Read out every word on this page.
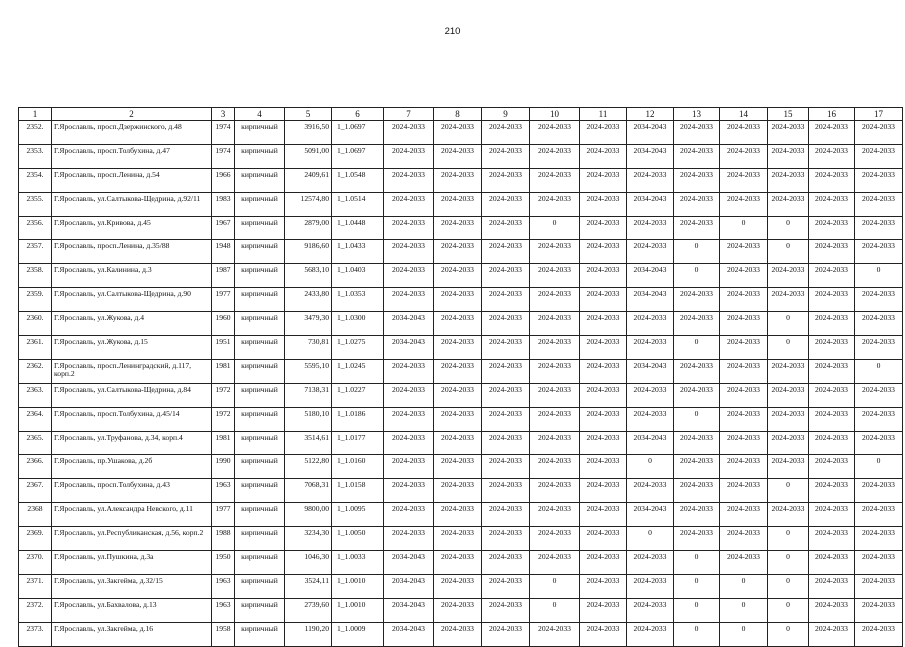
210
1	2	3	4	5	6	7	8	9	10	11	12	13	14	15	16	17
2352.	Г.Ярославль, просп.Дзержинского, д.48	1974	кирпичный	3916,50	1_1.0697	2024-2033	2024-2033	2024-2033	2024-2033	2024-2033	2034-2043	2024-2033	2024-2033	2024-2033	2024-2033	2024-2033
2353.	Г.Ярославль, просп.Толбухина, д.47	1974	кирпичный	5091,00	1_1.0697	2024-2033	2024-2033	2024-2033	2024-2033	2024-2033	2034-2043	2024-2033	2024-2033	2024-2033	2024-2033	2024-2033
2354.	Г.Ярославль, просп.Ленина, д.54	1966	кирпичный	2409,61	1_1.0548	2024-2033	2024-2033	2024-2033	2024-2033	2024-2033	2024-2033	2024-2033	2024-2033	2024-2033	2024-2033	2024-2033
2355.	Г.Ярославль, ул.Салтыкова-Щедрина, д.92/11	1983	кирпичный	12574,80	1_1.0514	2024-2033	2024-2033	2024-2033	2024-2033	2024-2033	2034-2043	2024-2033	2024-2033	2024-2033	2024-2033	2024-2033
2356.	Г.Ярославль, ул.Кривова, д.45	1967	кирпичный	2879,00	1_1.0448	2024-2033	2024-2033	2024-2033	0	2024-2033	2024-2033	2024-2033	0	0	2024-2033	2024-2033
2357.	Г.Ярославль, просп.Ленина, д.35/88	1948	кирпичный	9186,60	1_1.0433	2024-2033	2024-2033	2024-2033	2024-2033	2024-2033	2024-2033	0	2024-2033	0	2024-2033	2024-2033
2358.	Г.Ярославль, ул.Калинина, д.3	1987	кирпичный	5683,10	1_1.0403	2024-2033	2024-2033	2024-2033	2024-2033	2024-2033	2034-2043	0	2024-2033	2024-2033	2024-2033	0
2359.	Г.Ярославль, ул.Салтыкова-Щедрина, д.90	1977	кирпичный	2433,80	1_1.0353	2024-2033	2024-2033	2024-2033	2024-2033	2024-2033	2034-2043	2024-2033	2024-2033	2024-2033	2024-2033	2024-2033
2360.	Г.Ярославль, ул.Жукова, д.4	1960	кирпичный	3479,30	1_1.0300	2034-2043	2024-2033	2024-2033	2024-2033	2024-2033	2024-2033	2024-2033	2024-2033	0	2024-2033	2024-2033
2361.	Г.Ярославль, ул.Жукова, д.15	1951	кирпичный	730,81	1_1.0275	2034-2043	2024-2033	2024-2033	2024-2033	2024-2033	2024-2033	0	2024-2033	0	2024-2033	2024-2033
2362.	Г.Ярославль, просп.Ленинградский, д.117, корп.2	1981	кирпичный	5595,10	1_1.0245	2024-2033	2024-2033	2024-2033	2024-2033	2024-2033	2034-2043	2024-2033	2024-2033	2024-2033	2024-2033	0
2363.	Г.Ярославль, ул.Салтыкова-Щедрина, д.84	1972	кирпичный	7138,31	1_1.0227	2024-2033	2024-2033	2024-2033	2024-2033	2024-2033	2024-2033	2024-2033	2024-2033	2024-2033	2024-2033	2024-2033
2364.	Г.Ярославль, просп.Толбухина, д.45/14	1972	кирпичный	5180,10	1_1.0186	2024-2033	2024-2033	2024-2033	2024-2033	2024-2033	2024-2033	0	2024-2033	2024-2033	2024-2033	2024-2033
2365.	Г.Ярославль, ул.Труфанова, д.34, корп.4	1981	кирпичный	3514,61	1_1.0177	2024-2033	2024-2033	2024-2033	2024-2033	2024-2033	2034-2043	2024-2033	2024-2033	2024-2033	2024-2033	2024-2033
2366.	Г.Ярославль, пр.Ушакова, д.2б	1990	кирпичный	5122,80	1_1.0160	2024-2033	2024-2033	2024-2033	2024-2033	2024-2033	0	2024-2033	2024-2033	2024-2033	2024-2033	0
2367.	Г.Ярославль, просп.Толбухина, д.43	1963	кирпичный	7068,31	1_1.0158	2024-2033	2024-2033	2024-2033	2024-2033	2024-2033	2024-2033	2024-2033	2024-2033	0	2024-2033	2024-2033
2368	Г.Ярославль, ул.Александра Невского, д.11	1977	кирпичный	9800,00	1_1.0095	2024-2033	2024-2033	2024-2033	2024-2033	2024-2033	2034-2043	2024-2033	2024-2033	2024-2033	2024-2033	2024-2033
2369.	Г.Ярославль, ул.Республиканская, д.56, корп.2	1988	кирпичный	3234,30	1_1.0050	2024-2033	2024-2033	2024-2033	2024-2033	2024-2033	0	2024-2033	2024-2033	0	2024-2033	2024-2033
2370.	Г.Ярославль, ул.Пушкина, д.3а	1950	кирпичный	1046,30	1_1.0033	2034-2043	2024-2033	2024-2033	2024-2033	2024-2033	2024-2033	0	2024-2033	0	2024-2033	2024-2033
2371.	Г.Ярославль, ул.Закгейма, д.32/15	1963	кирпичный	3524,11	1_1.0010	2034-2043	2024-2033	2024-2033	0	2024-2033	2024-2033	0	0	0	2024-2033	2024-2033
2372.	Г.Ярославль, ул.Бахвалова, д.13	1963	кирпичный	2739,60	1_1.0010	2034-2043	2024-2033	2024-2033	0	2024-2033	2024-2033	0	0	0	2024-2033	2024-2033
2373.	Г.Ярославль, ул.Закгейма, д.16	1958	кирпичный	1190,20	1_1.0009	2034-2043	2024-2033	2024-2033	2024-2033	2024-2033	2024-2033	0	0	0	2024-2033	2024-2033
